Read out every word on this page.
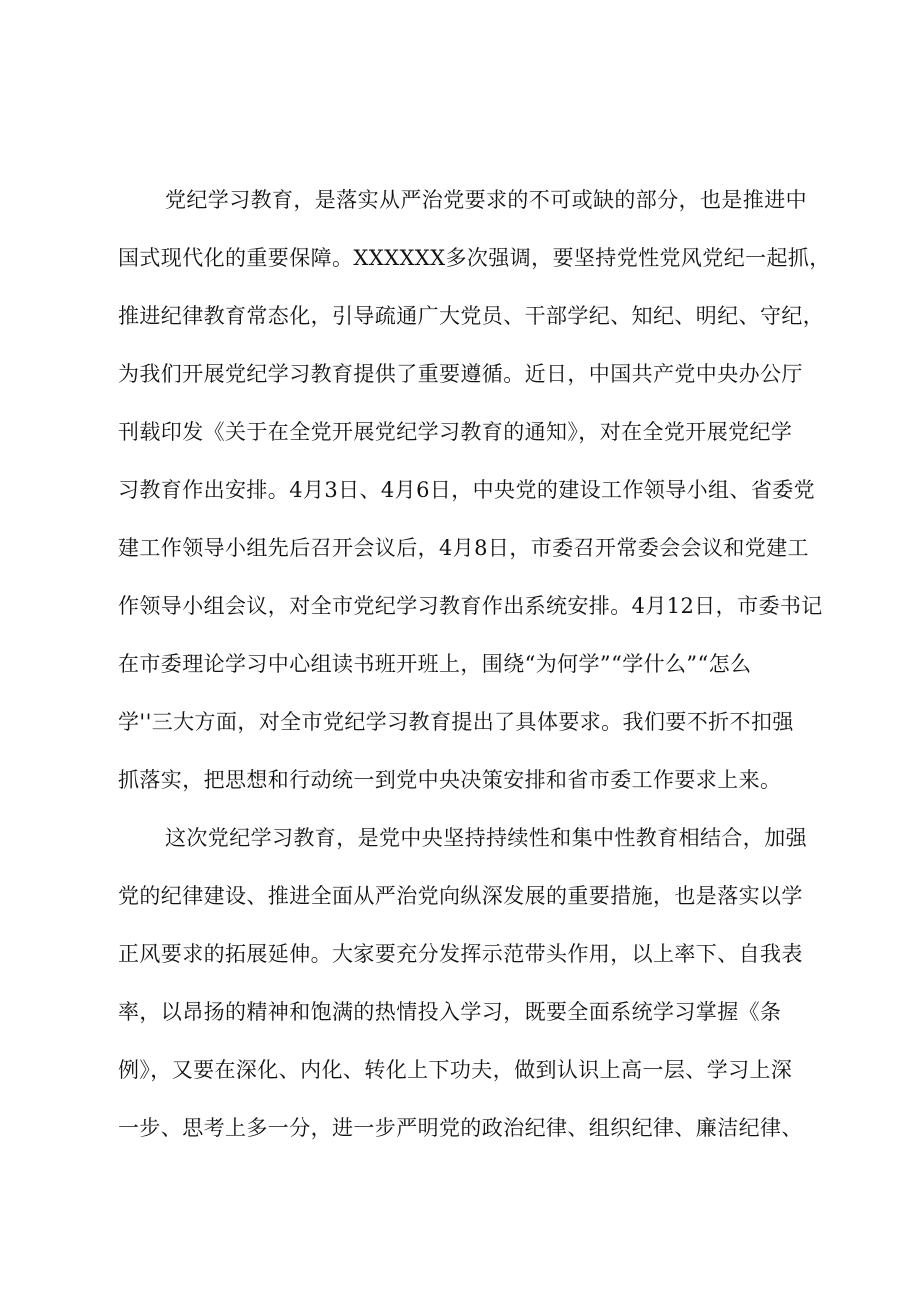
党纪学习教育，是落实从严治党要求的不可或缺的部分，也是推进中
国式现代化的重要保障。XXXXXX多次强调，要坚持党性党风党纪一起抓，
推进纪律教育常态化，引导疏通广大党员、干部学纪、知纪、明纪、守纪，
为我们开展党纪学习教育提供了重要遵循。近日，中国共产党中央办公厅
刊载印发《关于在全党开展党纪学习教育的通知》，对在全党开展党纪学
习教育作出安排。4月3日、4月6日，中央党的建设工作领导小组、省委党
建工作领导小组先后召开会议后，4月8日，市委召开常委会会议和党建工
作领导小组会议，对全市党纪学习教育作出系统安排。4月12日，市委书记
在市委理论学习中心组读书班开班上，围绕“为何学”“学什么”“怎么
学''三大方面，对全市党纪学习教育提出了具体要求。我们要不折不扣强
抓落实，把思想和行动统一到党中央决策安排和省市委工作要求上来。
这次党纪学习教育，是党中央坚持持续性和集中性教育相结合，加强
党的纪律建设、推进全面从严治党向纵深发展的重要措施，也是落实以学
正风要求的拓展延伸。大家要充分发挥示范带头作用，以上率下、自我表
率，以昂扬的精神和饱满的热情投入学习，既要全面系统学习掌握《条
例》，又要在深化、内化、转化上下功夫，做到认识上高一层、学习上深
一步、思考上多一分，进一步严明党的政治纪律、组织纪律、廉洁纪律、
